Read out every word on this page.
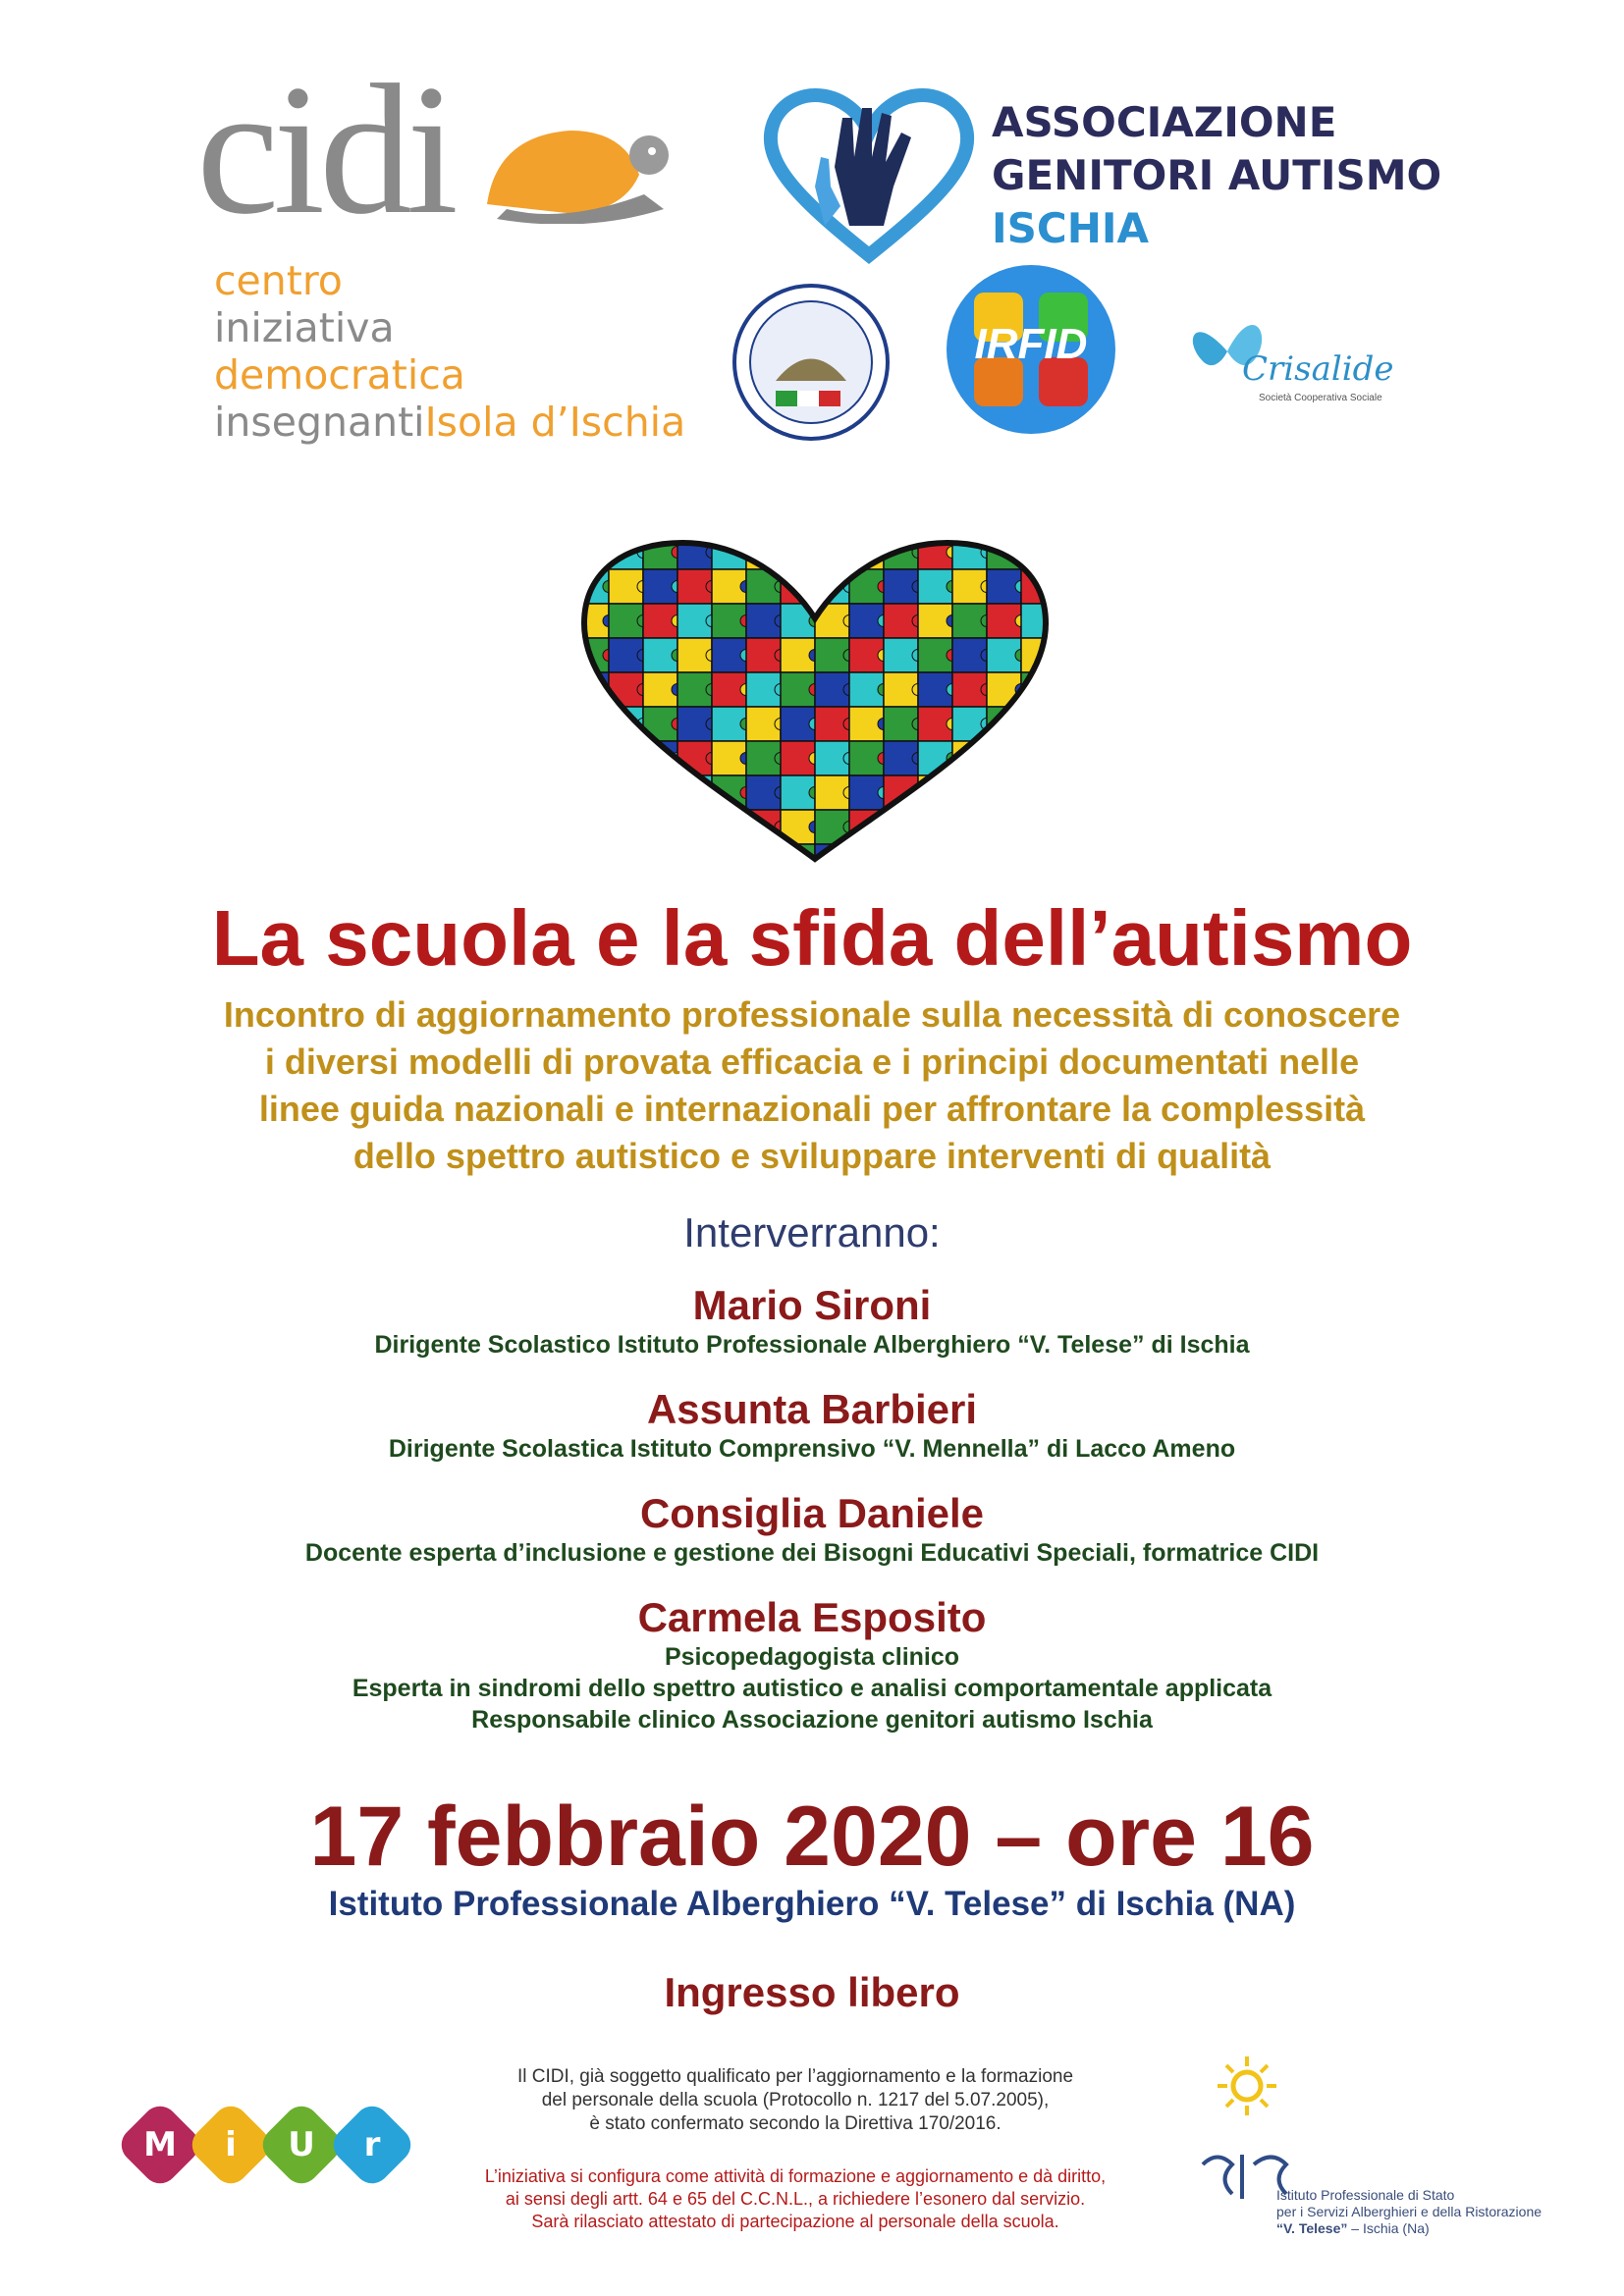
cidi
centro
iniziativa
democratica
insegnantiIsola d’Ischia
ASSOCIAZIONE
GENITORI AUTISMO
ISCHIA
IRFID
Crisalide
Società Cooperativa Sociale
La scuola e la sfida dell’autismo
Incontro di aggiornamento professionale sulla necessità di conoscere
i diversi modelli di provata efficacia e i principi documentati nelle
linee guida nazionali e internazionali per affrontare la complessità
dello spettro autistico e sviluppare interventi di qualità
Interverranno:
Mario Sironi
Dirigente Scolastico Istituto Professionale Alberghiero “V. Telese” di Ischia
Assunta Barbieri
Dirigente Scolastica Istituto Comprensivo “V. Mennella” di Lacco Ameno
Consiglia Daniele
Docente esperta d’inclusione e gestione dei Bisogni Educativi Speciali, formatrice CIDI
Carmela Esposito
Psicopedagogista clinico
Esperta in sindromi dello spettro autistico e analisi comportamentale applicata
Responsabile clinico Associazione genitori autismo Ischia
17 febbraio 2020 – ore 16
Istituto Professionale Alberghiero “V. Telese” di Ischia (NA)
Ingresso libero
Il CIDI, già soggetto qualificato per l’aggiornamento e la formazione
del personale della scuola (Protocollo n. 1217 del 5.07.2005),
è stato confermato secondo la Direttiva 170/2016.
L’iniziativa si configura come attività di formazione e aggiornamento e dà diritto,
ai sensi degli artt. 64 e 65 del C.C.N.L., a richiedere l’esonero dal servizio.
Sarà rilasciato attestato di partecipazione al personale della scuola.
M	i	U	r
Istituto Professionale di Stato
per i Servizi Alberghieri e della Ristorazione
“V. Telese” – Ischia (Na)
